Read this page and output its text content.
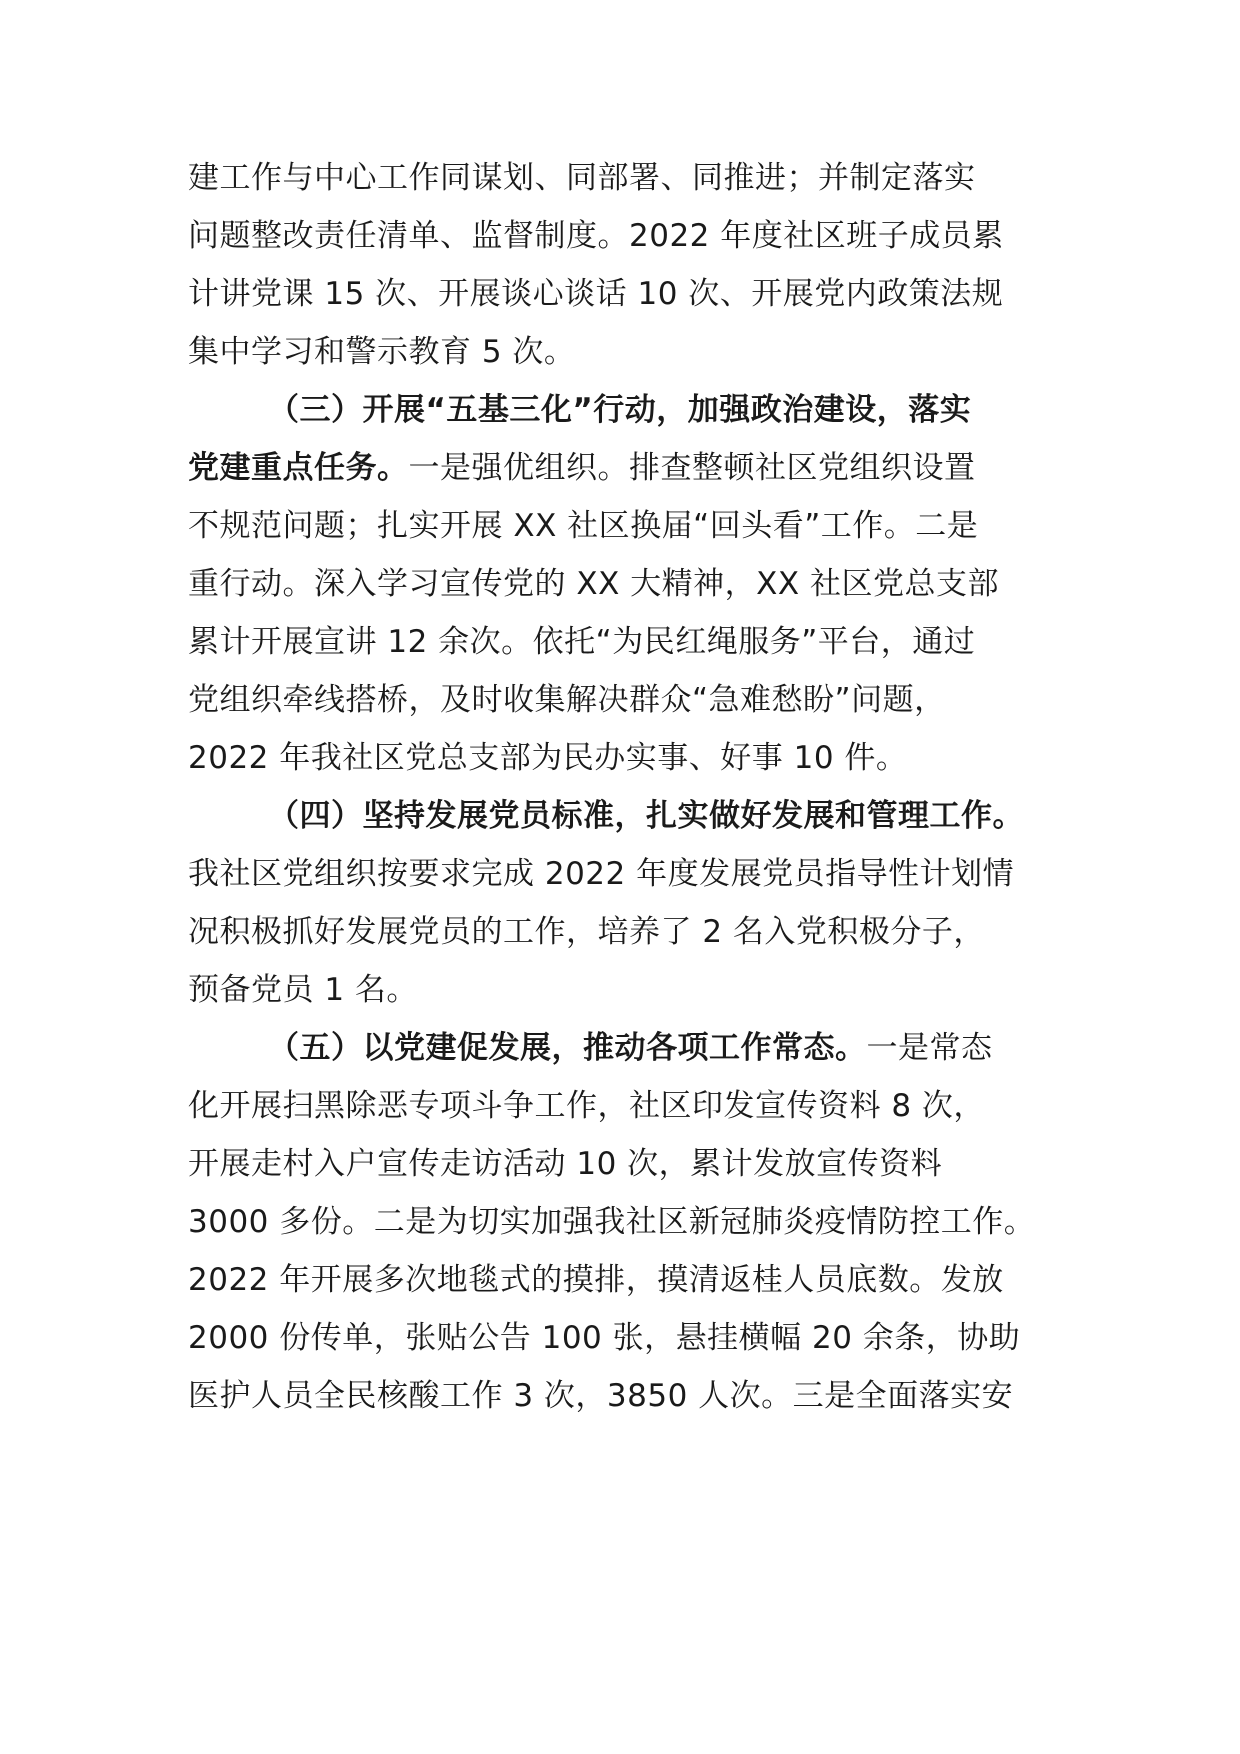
建工作与中心工作同谋划、同部署、同推进；并制定落实
问题整改责任清单、监督制度。2022 年度社区班子成员累
计讲党课 15 次、开展谈心谈话 10 次、开展党内政策法规
集中学习和警示教育 5 次。
（三）开展“五基三化”行动，加强政治建设，落实
党建重点任务。一是强优组织。排查整顿社区党组织设置
不规范问题；扎实开展 XX 社区换届“回头看”工作。二是
重行动。深入学习宣传党的 XX 大精神，XX 社区党总支部
累计开展宣讲 12 余次。依托“为民红绳服务”平台，通过
党组织牵线搭桥，及时收集解决群众“急难愁盼”问题，
2022 年我社区党总支部为民办实事、好事 10 件。
（四）坚持发展党员标准，扎实做好发展和管理工作。
我社区党组织按要求完成 2022 年度发展党员指导性计划情
况积极抓好发展党员的工作，培养了 2 名入党积极分子，
预备党员 1 名。
（五）以党建促发展，推动各项工作常态。一是常态
化开展扫黑除恶专项斗争工作，社区印发宣传资料 8 次，
开展走村入户宣传走访活动 10 次，累计发放宣传资料
3000 多份。二是为切实加强我社区新冠肺炎疫情防控工作。
2022 年开展多次地毯式的摸排，摸清返桂人员底数。发放
2000 份传单，张贴公告 100 张，悬挂横幅 20 余条，协助
医护人员全民核酸工作 3 次，3850 人次。三是全面落实安
